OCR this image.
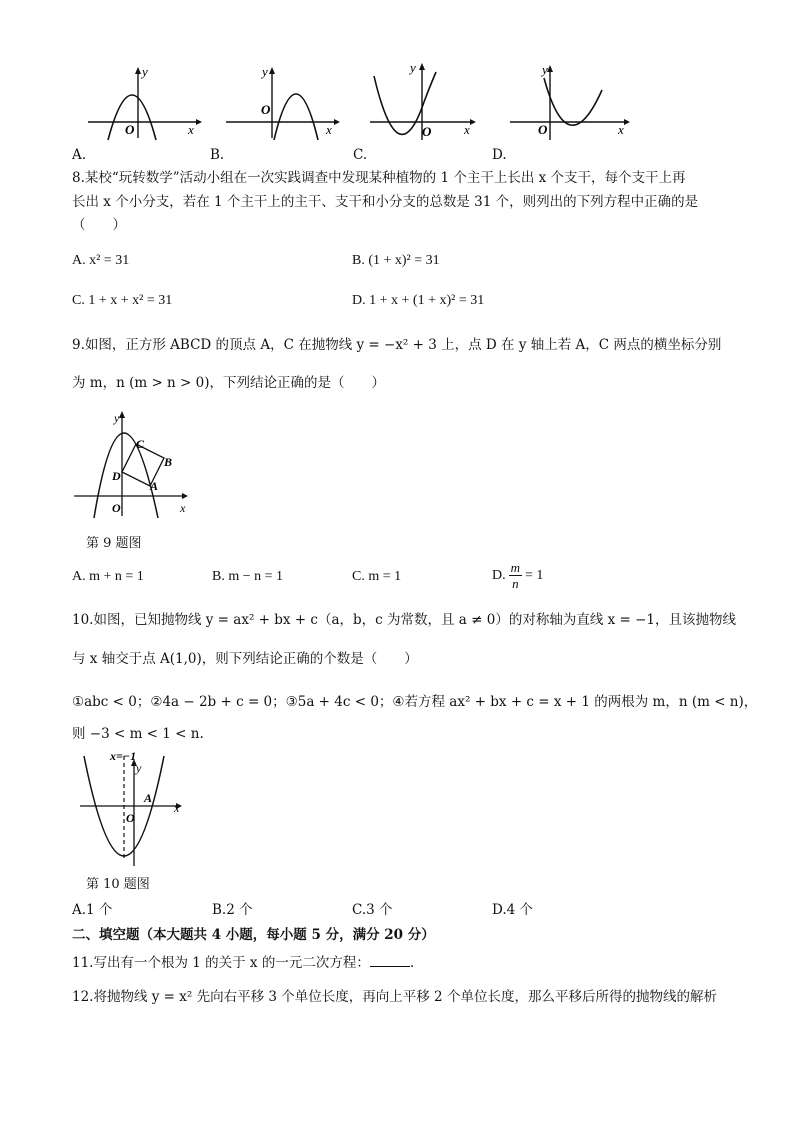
y
x
O
A.
y
x
O
B.
y
x
O
C.
y
x
O
D.
8.某校“玩转数学”活动小组在一次实践调查中发现某种植物的 1 个主干上长出 x 个支干，每个支干上再
长出 x 个小分支，若在 1 个主干上的主干、支干和小分支的总数是 31 个，则列出的下列方程中正确的是
（　　）
A. x² = 31	B. (1 + x)² = 31
C. 1 + x + x² = 31	D. 1 + x + (1 + x)² = 31
9.如图，正方形 ABCD 的顶点 A，C 在抛物线 y = −x² + 3 上，点 D 在 y 轴上若 A，C 两点的横坐标分别
为 m，n (m > n > 0)，下列结论正确的是（　　）
y
x
O
C
B
D
A
第 9 题图
A. m + n = 1	B. m − n = 1	C. m = 1	D. $\frac{m}{n} = 1$
10.如图，已知抛物线 y = ax² + bx + c（a，b，c 为常数，且 a ≠ 0）的对称轴为直线 x = −1，且该抛物线
与 x 轴交于点 A(1,0)，则下列结论正确的个数是（　　）
①abc < 0；②4a − 2b + c = 0；③5a + 4c < 0；④若方程 ax² + bx + c = x + 1 的两根为 m，n (m < n)，
则 −3 < m < 1 < n.
x=−1
y
x
O
A
第 10 题图
A.1 个	B.2 个	C.3 个	D.4 个
二、填空题（本大题共 4 小题，每小题 5 分，满分 20 分）
11.写出有一个根为 1 的关于 x 的一元二次方程：	.
12.将抛物线 y = x² 先向右平移 3 个单位长度，再向上平移 2 个单位长度，那么平移后所得的抛物线的解析
